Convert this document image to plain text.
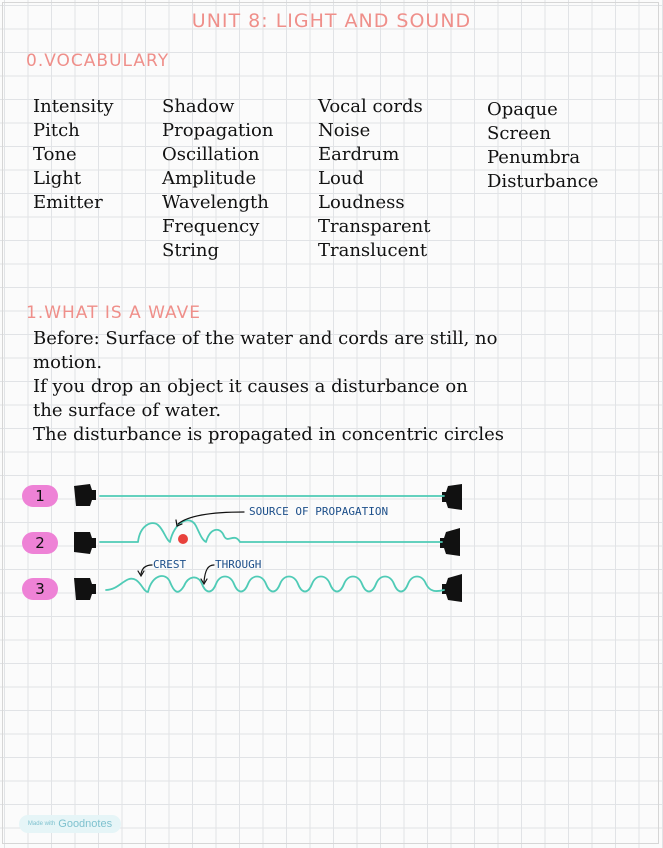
UNIT 8: LIGHT AND SOUND
0.VOCABULARY
Intensity
Pitch
Tone
Light
Emitter
Shadow
Propagation
Oscillation
Amplitude
Wavelength
Frequency
String
Vocal cords
Noise
Eardrum
Loud
Loudness
Transparent
Translucent
Opaque
Screen
Penumbra
Disturbance
1.WHAT IS A WAVE
Before: Surface of the water and cords are still, no
motion.
If you drop an object it causes a disturbance on
the surface of water.
The disturbance is propagated in concentric circles
1
2
3
SOURCE OF PROPAGATION
CREST	THROUGH
Made with Goodnotes
